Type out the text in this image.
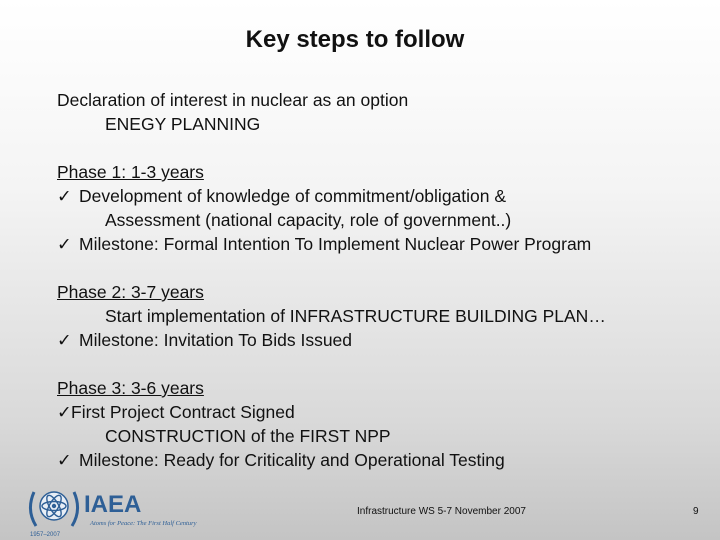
Key steps to follow
Declaration of interest in nuclear as an option
ENEGY PLANNING
Phase 1: 1-3 years
✓ Development of knowledge of commitment/obligation &
Assessment (national capacity, role of government..)
✓ Milestone: Formal Intention To Implement Nuclear Power Program
Phase 2: 3-7 years
Start implementation of INFRASTRUCTURE BUILDING PLAN…
✓ Milestone: Invitation To Bids Issued
Phase 3: 3-6 years
✓First Project Contract Signed
CONSTRUCTION of the FIRST NPP
✓ Milestone: Ready for Criticality and Operational Testing
IAEA
Atoms for Peace: The First Half Century
1957–2007
Infrastructure WS 5-7 November 2007	9
